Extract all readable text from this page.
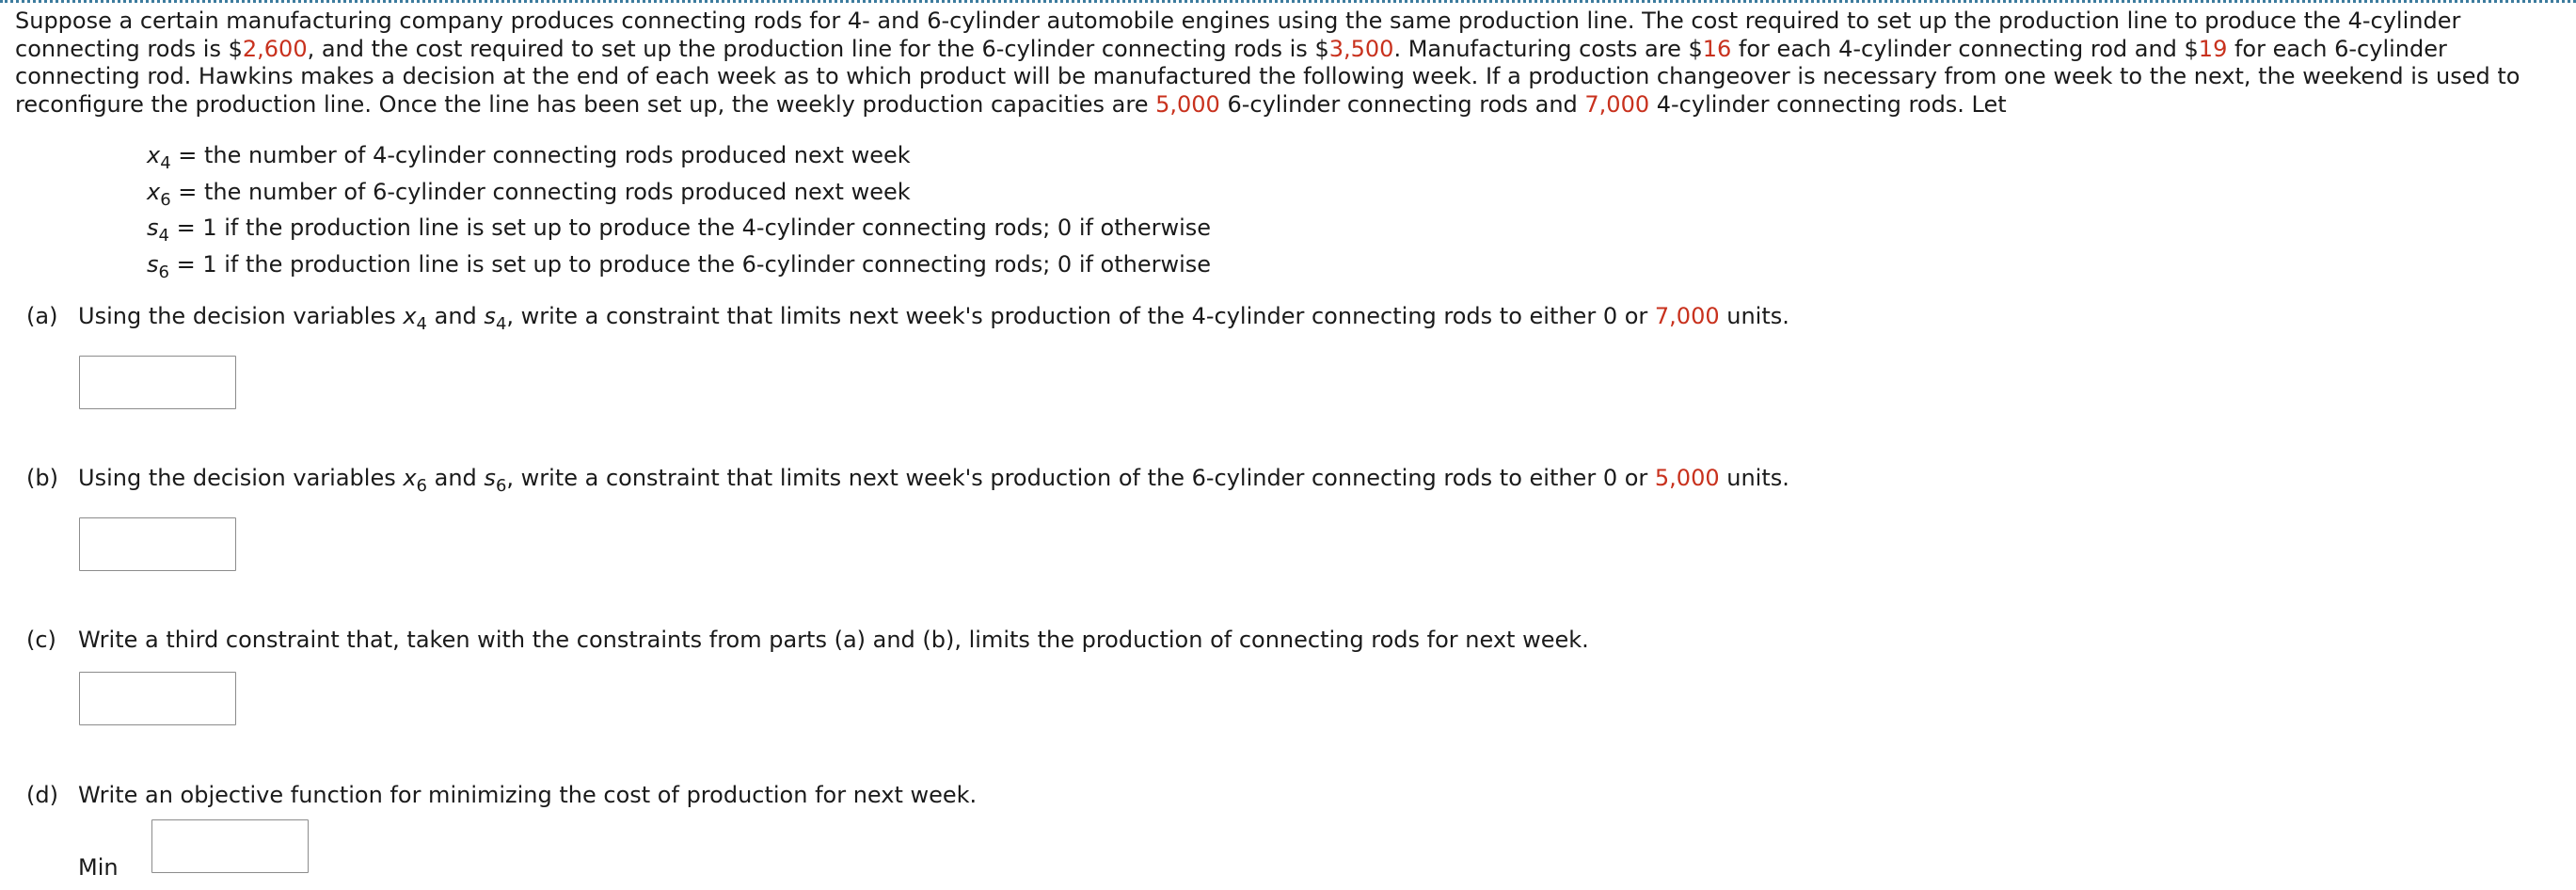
Suppose a certain manufacturing company produces connecting rods for 4- and 6-cylinder automobile engines using the same production line. The cost required to set up the production line to produce the 4-cylinder connecting rods is $2,600, and the cost required to set up the production line for the 6-cylinder connecting rods is $3,500. Manufacturing costs are $16 for each 4-cylinder connecting rod and $19 for each 6-cylinder connecting rod. Hawkins makes a decision at the end of each week as to which product will be manufactured the following week. If a production changeover is necessary from one week to the next, the weekend is used to reconfigure the production line. Once the line has been set up, the weekly production capacities are 5,000 6-cylinder connecting rods and 7,000 4-cylinder connecting rods. Let
$x_4$ = the number of 4-cylinder connecting rods produced next week
$x_6$ = the number of 6-cylinder connecting rods produced next week
$s_4 = 1$ if the production line is set up to produce the 4-cylinder connecting rods; 0 if otherwise
$s_6 = 1$ if the production line is set up to produce the 6-cylinder connecting rods; 0 if otherwise
(a) Using the decision variables $x_4$ and $s_4$, write a constraint that limits next week's production of the 4-cylinder connecting rods to either 0 or 7,000 units.
(b) Using the decision variables $x_6$ and $s_6$, write a constraint that limits next week's production of the 6-cylinder connecting rods to either 0 or 5,000 units.
(c) Write a third constraint that, taken with the constraints from parts (a) and (b), limits the production of connecting rods for next week.
(d) Write an objective function for minimizing the cost of production for next week.
Min
